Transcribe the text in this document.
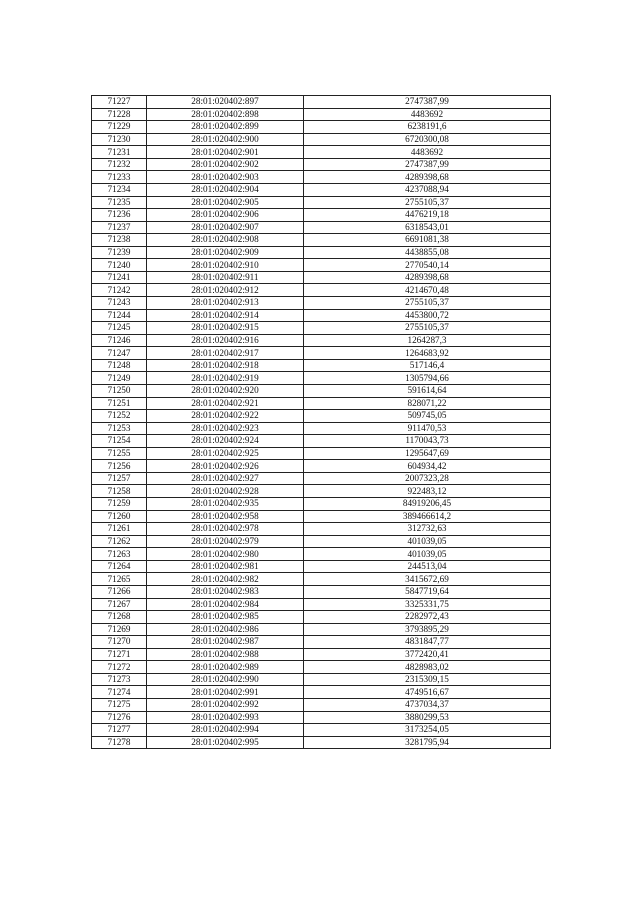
71227	28:01:020402:897	2747387,99
71228	28:01:020402:898	4483692
71229	28:01:020402:899	6238191,6
71230	28:01:020402:900	6720300,08
71231	28:01:020402:901	4483692
71232	28:01:020402:902	2747387,99
71233	28:01:020402:903	4289398,68
71234	28:01:020402:904	4237088,94
71235	28:01:020402:905	2755105,37
71236	28:01:020402:906	4476219,18
71237	28:01:020402:907	6318543,01
71238	28:01:020402:908	6691081,38
71239	28:01:020402:909	4438855,08
71240	28:01:020402:910	2770540,14
71241	28:01:020402:911	4289398,68
71242	28:01:020402:912	4214670,48
71243	28:01:020402:913	2755105,37
71244	28:01:020402:914	4453800,72
71245	28:01:020402:915	2755105,37
71246	28:01:020402:916	1264287,3
71247	28:01:020402:917	1264683,92
71248	28:01:020402:918	517146,4
71249	28:01:020402:919	1305794,66
71250	28:01:020402:920	591614,64
71251	28:01:020402:921	828071,22
71252	28:01:020402:922	509745,05
71253	28:01:020402:923	911470,53
71254	28:01:020402:924	1170043,73
71255	28:01:020402:925	1295647,69
71256	28:01:020402:926	604934,42
71257	28:01:020402:927	2007323,28
71258	28:01:020402:928	922483,12
71259	28:01:020402:935	84919206,45
71260	28:01:020402:958	389466614,2
71261	28:01:020402:978	312732,63
71262	28:01:020402:979	401039,05
71263	28:01:020402:980	401039,05
71264	28:01:020402:981	244513,04
71265	28:01:020402:982	3415672,69
71266	28:01:020402:983	5847719,64
71267	28:01:020402:984	3325331,75
71268	28:01:020402:985	2282972,43
71269	28:01:020402:986	3793895,29
71270	28:01:020402:987	4831847,77
71271	28:01:020402:988	3772420,41
71272	28:01:020402:989	4828983,02
71273	28:01:020402:990	2315309,15
71274	28:01:020402:991	4749516,67
71275	28:01:020402:992	4737034,37
71276	28:01:020402:993	3880299,53
71277	28:01:020402:994	3173254,05
71278	28:01:020402:995	3281795,94
